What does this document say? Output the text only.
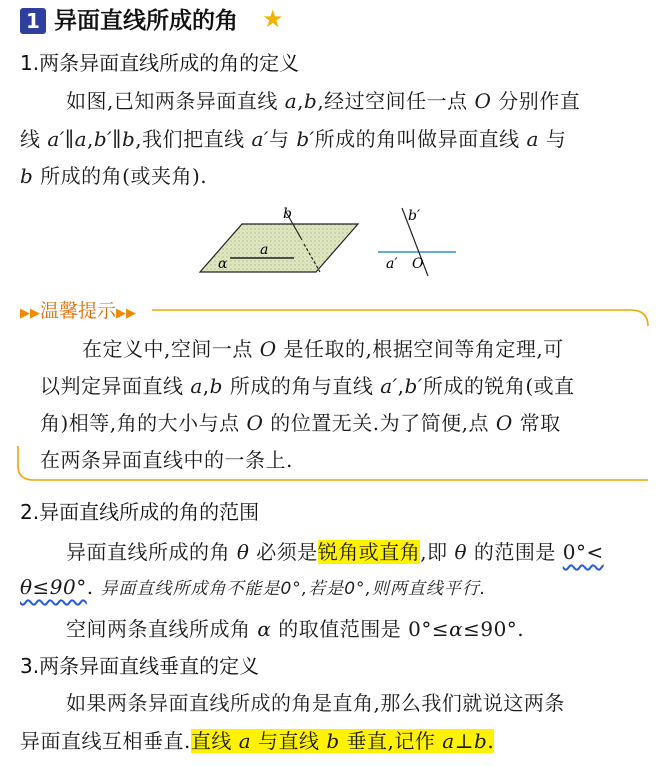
1 异面直线所成的角 ★
1.两条异面直线所成的角的定义
如图,已知两条异面直线 a,b,经过空间任一点 O 分别作直
线 a′∥a,b′∥b,我们把直线 a′与 b′所成的角叫做异面直线 a 与
b 所成的角(或夹角).
b
a
α
b′
a′ O
▶▶温馨提示▶▶
在定义中,空间一点 O 是任取的,根据空间等角定理,可
以判定异面直线 a,b 所成的角与直线 a′,b′所成的锐角(或直
角)相等,角的大小与点 O 的位置无关.为了简便,点 O 常取
在两条异面直线中的一条上.
2.异面直线所成的角的范围
异面直线所成的角 θ 必须是锐角或直角,即 θ 的范围是 0°<
θ≤90°. 异面直线所成角不能是0°,若是0°,则两直线平行.
空间两条直线所成角 α 的取值范围是 0°≤α≤90°.
3.两条异面直线垂直的定义
如果两条异面直线所成的角是直角,那么我们就说这两条
异面直线互相垂直.直线 a 与直线 b 垂直,记作 a⊥b.
